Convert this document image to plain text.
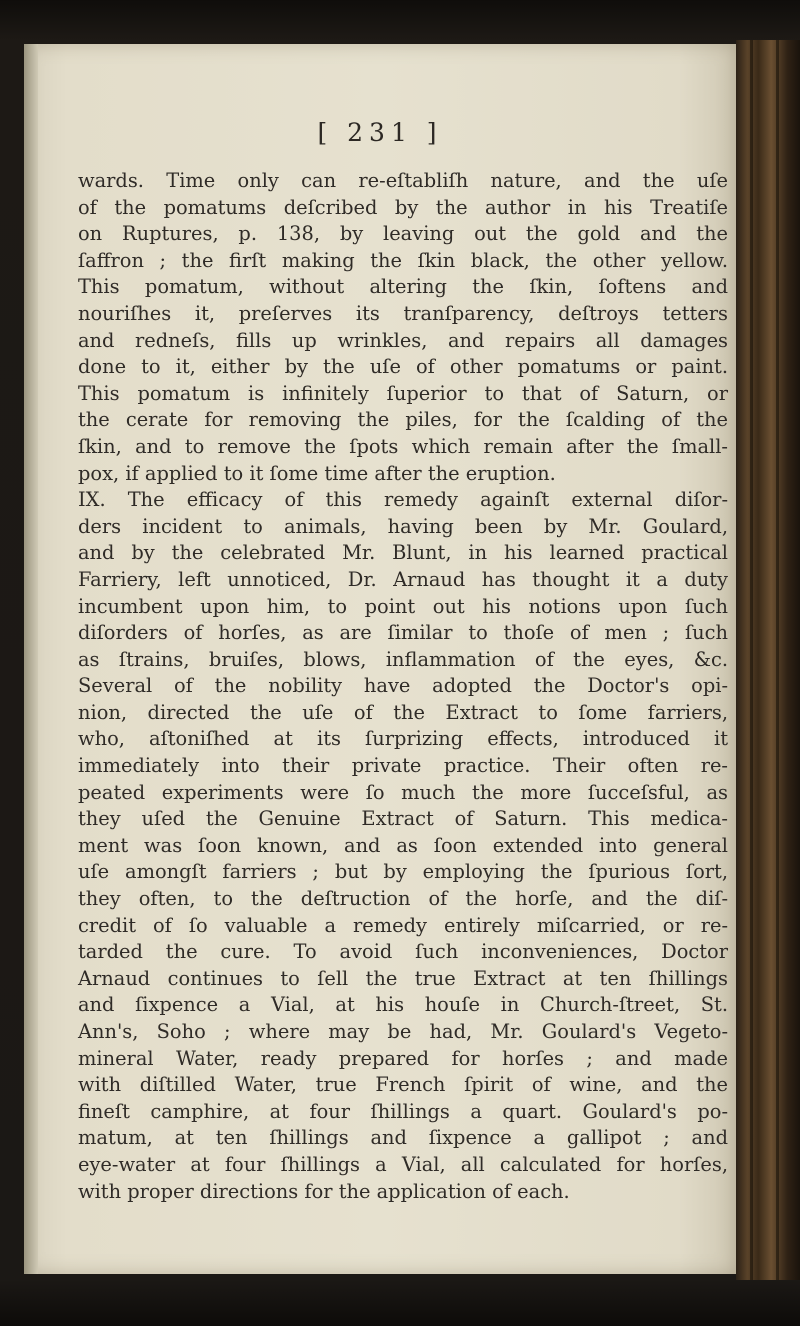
[ 231 ]
wards. Time only can re-eſtabliſh nature, and the uſe
of the pomatums deſcribed by the author in his Treatiſe
on Ruptures, p. 138, by leaving out the gold and the
ſaffron ; the firſt making the ſkin black, the other yellow.
This pomatum, without altering the ſkin, ſoftens and
nouriſhes it, preſerves its tranſparency, deſtroys tetters
and redneſs, fills up wrinkles, and repairs all damages
done to it, either by the uſe of other pomatums or paint.
This pomatum is infinitely ſuperior to that of Saturn, or
the cerate for removing the piles, for the ſcalding of the
ſkin, and to remove the ſpots which remain after the ſmall-
pox, if applied to it ſome time after the eruption.
IX. The efficacy of this remedy againſt external diſor-
ders incident to animals, having been by Mr. Goulard,
and by the celebrated Mr. Blunt, in his learned practical
Farriery, left unnoticed, Dr. Arnaud has thought it a duty
incumbent upon him, to point out his notions upon ſuch
diſorders of horſes, as are ſimilar to thoſe of men ; ſuch
as ſtrains, bruiſes, blows, inflammation of the eyes, &c.
Several of the nobility have adopted the Doctor's opi-
nion, directed the uſe of the Extract to ſome farriers,
who, aſtoniſhed at its ſurprizing effects, introduced it
immediately into their private practice. Their often re-
peated experiments were ſo much the more ſucceſsful, as
they uſed the Genuine Extract of Saturn. This medica-
ment was ſoon known, and as ſoon extended into general
uſe amongſt farriers ; but by employing the ſpurious ſort,
they often, to the deſtruction of the horſe, and the diſ-
credit of ſo valuable a remedy entirely miſcarried, or re-
tarded the cure. To avoid ſuch inconveniences, Doctor
Arnaud continues to ſell the true Extract at ten ſhillings
and ſixpence a Vial, at his houſe in Church-ſtreet, St.
Ann's, Soho ; where may be had, Mr. Goulard's Vegeto-
mineral Water, ready prepared for horſes ; and made
with diſtilled Water, true French ſpirit of wine, and the
fineſt camphire, at four ſhillings a quart. Goulard's po-
matum, at ten ſhillings and ſixpence a gallipot ; and
eye-water at four ſhillings a Vial, all calculated for horſes,
with proper directions for the application of each.
